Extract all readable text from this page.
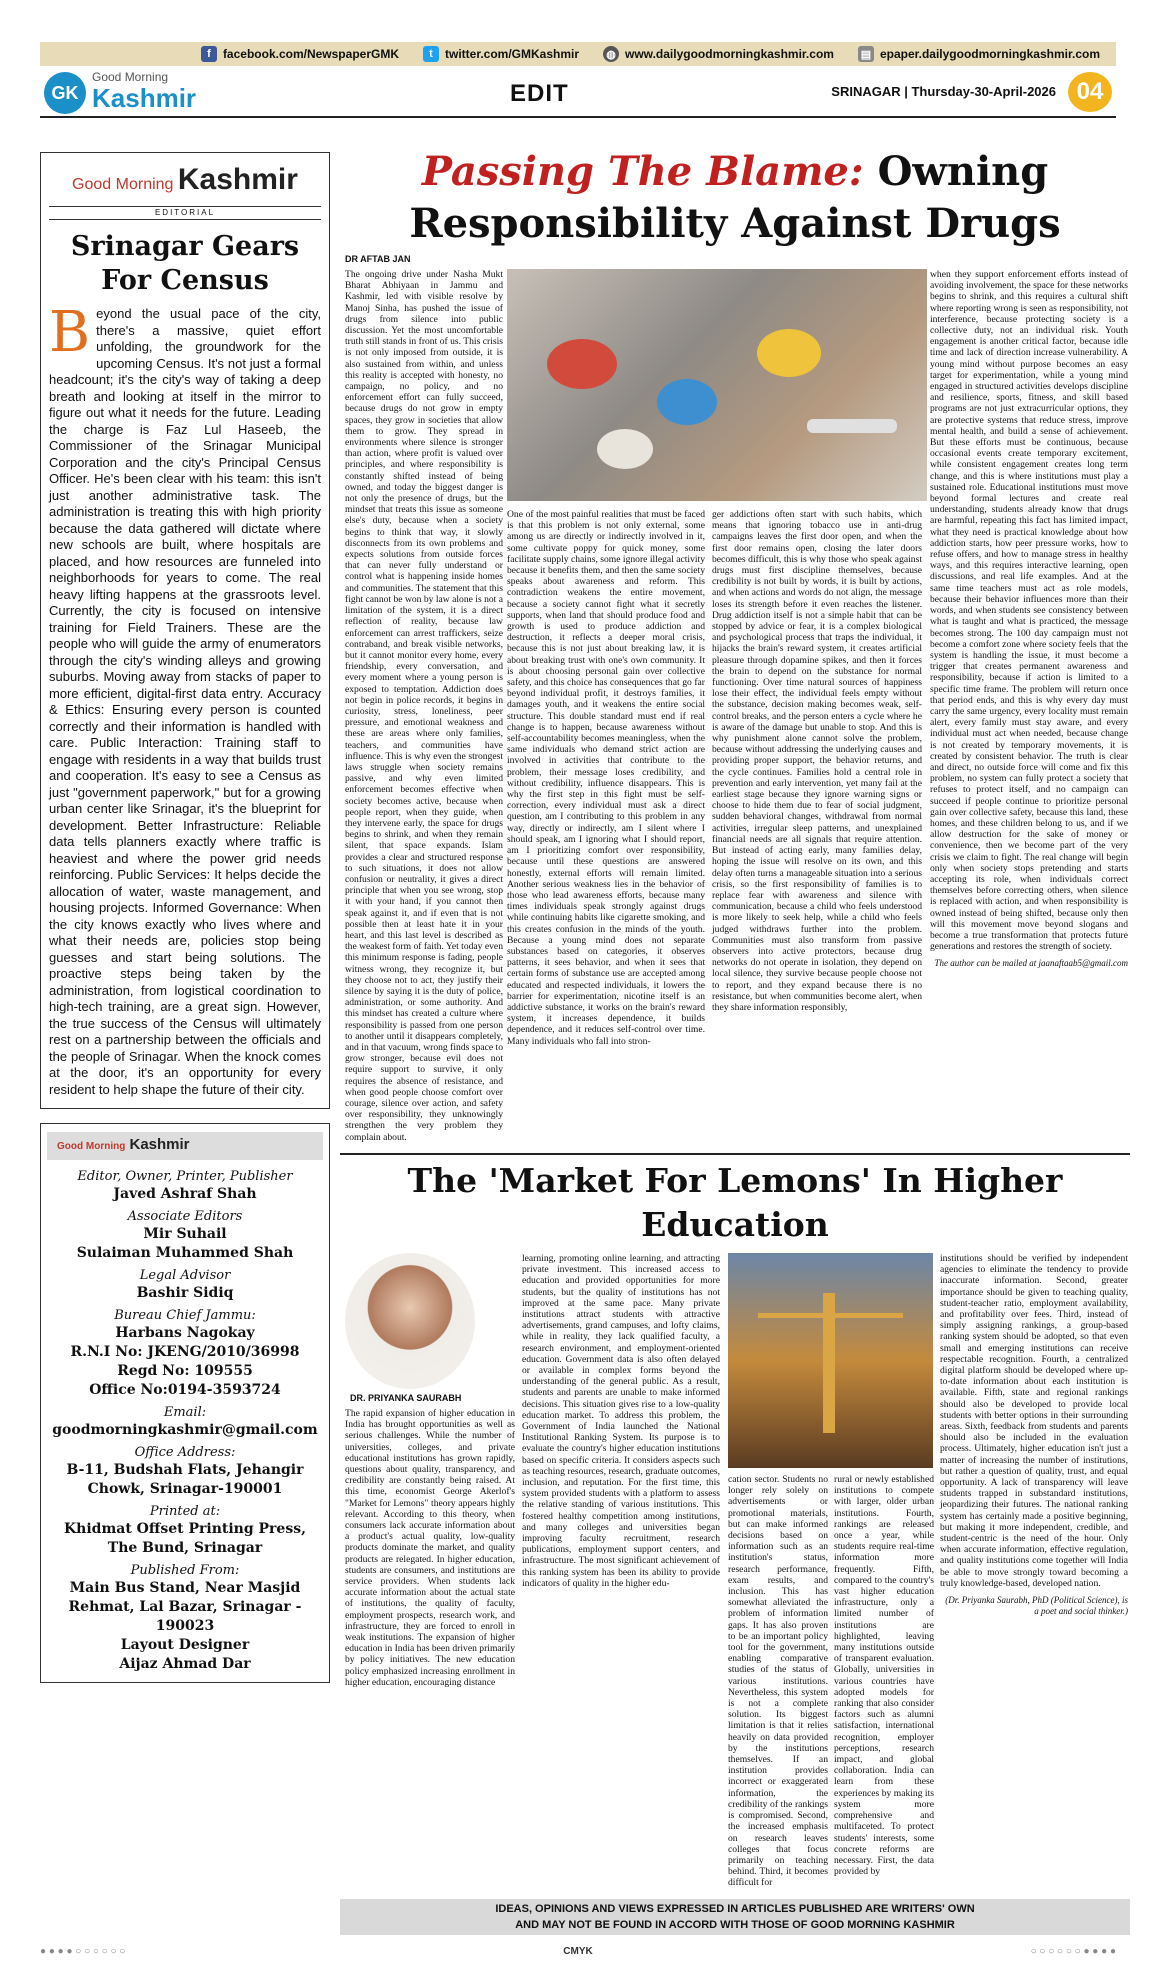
f	facebook.com/NewspaperGMK	t	twitter.com/GMKashmir ◍ www.dailygoodmorningkashmir.com ▤ epaper.dailygoodmorningkashmir.com
GK
Good Morning
Kashmir	EDIT	SRINAGAR | Thursday-30-April-2026 04
Good Morning Kashmir
EDITORIAL
Srinagar Gears For Census
Beyond the usual pace of the city, there's a massive, quiet effort unfolding, the groundwork for the upcoming Census. It's not just a formal headcount; it's the city's way of taking a deep breath and looking at itself in the mirror to figure out what it needs for the future. Leading the charge is Faz Lul Haseeb, the Commissioner of the Srinagar Municipal Corporation and the city's Principal Census Officer. He's been clear with his team: this isn't just another administrative task. The administration is treating this with high priority because the data gathered will dictate where new schools are built, where hospitals are placed, and how resources are funneled into neighborhoods for years to come. The real heavy lifting happens at the grassroots level. Currently, the city is focused on intensive training for Field Trainers. These are the people who will guide the army of enumerators through the city's winding alleys and growing suburbs. Moving away from stacks of paper to more efficient, digital-first data entry. Accuracy & Ethics: Ensuring every person is counted correctly and their information is handled with care. Public Interaction: Training staff to engage with residents in a way that builds trust and cooperation. It's easy to see a Census as just "government paperwork," but for a growing urban center like Srinagar, it's the blueprint for development. Better Infrastructure: Reliable data tells planners exactly where traffic is heaviest and where the power grid needs reinforcing. Public Services: It helps decide the allocation of water, waste management, and housing projects. Informed Governance: When the city knows exactly who lives where and what their needs are, policies stop being guesses and start being solutions. The proactive steps being taken by the administration, from logistical coordination to high-tech training, are a great sign. However, the true success of the Census will ultimately rest on a partnership between the officials and the people of Srinagar. When the knock comes at the door, it's an opportunity for every resident to help shape the future of their city.
Good Morning Kashmir
Editor, Owner, Printer, Publisher
Javed Ashraf Shah
Associate Editors
Mir Suhail
Sulaiman Muhammed Shah
Legal Advisor
Bashir Sidiq
Bureau Chief Jammu:
Harbans Nagokay
R.N.I No: JKENG/2010/36998
Regd No: 109555
Office No:0194-3593724
Email:
goodmorningkashmir@gmail.com
Office Address:
B-11, Budshah Flats, Jehangir Chowk, Srinagar-190001
Printed at:
Khidmat Offset Printing Press, The Bund, Srinagar
Published From:
Main Bus Stand, Near Masjid Rehmat, Lal Bazar, Srinagar - 190023
Layout Designer
Aijaz Ahmad Dar
Passing The Blame: Owning Responsibility Against Drugs
DR AFTAB JAN
The ongoing drive under Nasha Mukt Bharat Abhiyaan in Jammu and Kashmir, led with visible resolve by Manoj Sinha, has pushed the issue of drugs from silence into public discussion. Yet the most uncomfortable truth still stands in front of us. This crisis is not only imposed from outside, it is also sustained from within, and unless this reality is accepted with honesty, no campaign, no policy, and no enforcement effort can fully succeed, because drugs do not grow in empty spaces, they grow in societies that allow them to grow. They spread in environments where silence is stronger than action, where profit is valued over principles, and where responsibility is constantly shifted instead of being owned, and today the biggest danger is not only the presence of drugs, but the mindset that treats this issue as someone else's duty, because when a society begins to think that way, it slowly disconnects from its own problems and expects solutions from outside forces that can never fully understand or control what is happening inside homes and communities. The statement that this fight cannot be won by law alone is not a limitation of the system, it is a direct reflection of reality, because law enforcement can arrest traffickers, seize contraband, and break visible networks, but it cannot monitor every home, every friendship, every conversation, and every moment where a young person is exposed to temptation. Addiction does not begin in police records, it begins in curiosity, stress, loneliness, peer pressure, and emotional weakness and these are areas where only families, teachers, and communities have influence. This is why even the strongest laws struggle when society remains passive, and why even limited enforcement becomes effective when society becomes active, because when people report, when they guide, when they intervene early, the space for drugs begins to shrink, and when they remain silent, that space expands. Islam provides a clear and structured response to such situations, it does not allow confusion or neutrality, it gives a direct principle that when you see wrong, stop it with your hand, if you cannot then speak against it, and if even that is not possible then at least hate it in your heart, and this last level is described as the weakest form of faith. Yet today even this minimum response is fading, people witness wrong, they recognize it, but they choose not to act, they justify their silence by saying it is the duty of police, administration, or some authority. And this mindset has created a culture where responsibility is passed from one person to another until it disappears completely, and in that vacuum, wrong finds space to grow stronger, because evil does not require support to survive, it only requires the absence of resistance, and when good people choose comfort over courage, silence over action, and safety over responsibility, they unknowingly strengthen the very problem they complain about.
One of the most painful realities that must be faced is that this problem is not only external, some among us are directly or indirectly involved in it, some cultivate poppy for quick money, some facilitate supply chains, some ignore illegal activity because it benefits them, and then the same society speaks about awareness and reform. This contradiction weakens the entire movement, because a society cannot fight what it secretly supports, when land that should produce food and growth is used to produce addiction and destruction, it reflects a deeper moral crisis, because this is not just about breaking law, it is about breaking trust with one's own community. It is about choosing personal gain over collective safety, and this choice has consequences that go far beyond individual profit, it destroys families, it damages youth, and it weakens the entire social structure. This double standard must end if real change is to happen, because awareness without self-accountability becomes meaningless, when the same individuals who demand strict action are involved in activities that contribute to the problem, their message loses credibility, and without credibility, influence disappears. This is why the first step in this fight must be self-correction, every individual must ask a direct question, am I contributing to this problem in any way, directly or indirectly, am I silent where I should speak, am I ignoring what I should report, am I prioritizing comfort over responsibility, because until these questions are answered honestly, external efforts will remain limited. Another serious weakness lies in the behavior of those who lead awareness efforts, because many times individuals speak strongly against drugs while continuing habits like cigarette smoking, and this creates confusion in the minds of the youth. Because a young mind does not separate substances based on categories, it observes patterns, it sees behavior, and when it sees that certain forms of substance use are accepted among educated and respected individuals, it lowers the barrier for experimentation, nicotine itself is an addictive substance, it works on the brain's reward system, it increases dependence, it builds dependence, and it reduces self-control over time. Many individuals who fall into stron-
ger addictions often start with such habits, which means that ignoring tobacco use in anti-drug campaigns leaves the first door open, and when the first door remains open, closing the later doors becomes difficult, this is why those who speak against drugs must first discipline themselves, because credibility is not built by words, it is built by actions, and when actions and words do not align, the message loses its strength before it even reaches the listener. Drug addiction itself is not a simple habit that can be stopped by advice or fear, it is a complex biological and psychological process that traps the individual, it hijacks the brain's reward system, it creates artificial pleasure through dopamine spikes, and then it forces the brain to depend on the substance for normal functioning. Over time natural sources of happiness lose their effect, the individual feels empty without the substance, decision making becomes weak, self-control breaks, and the person enters a cycle where he is aware of the damage but unable to stop. And this is why punishment alone cannot solve the problem, because without addressing the underlying causes and providing proper support, the behavior returns, and the cycle continues. Families hold a central role in prevention and early intervention, yet many fail at the earliest stage because they ignore warning signs or choose to hide them due to fear of social judgment, sudden behavioral changes, withdrawal from normal activities, irregular sleep patterns, and unexplained financial needs are all signals that require attention. But instead of acting early, many families delay, hoping the issue will resolve on its own, and this delay often turns a manageable situation into a serious crisis, so the first responsibility of families is to replace fear with awareness and silence with communication, because a child who feels understood is more likely to seek help, while a child who feels judged withdraws further into the problem. Communities must also transform from passive observers into active protectors, because drug networks do not operate in isolation, they depend on local silence, they survive because people choose not to report, and they expand because there is no resistance, but when communities become alert, when they share information responsibly,
when they support enforcement efforts instead of avoiding involvement, the space for these networks begins to shrink, and this requires a cultural shift where reporting wrong is seen as responsibility, not interference, because protecting society is a collective duty, not an individual risk. Youth engagement is another critical factor, because idle time and lack of direction increase vulnerability. A young mind without purpose becomes an easy target for experimentation, while a young mind engaged in structured activities develops discipline and resilience, sports, fitness, and skill based programs are not just extracurricular options, they are protective systems that reduce stress, improve mental health, and build a sense of achievement. But these efforts must be continuous, because occasional events create temporary excitement, while consistent engagement creates long term change, and this is where institutions must play a sustained role. Educational institutions must move beyond formal lectures and create real understanding, students already know that drugs are harmful, repeating this fact has limited impact, what they need is practical knowledge about how addiction starts, how peer pressure works, how to refuse offers, and how to manage stress in healthy ways, and this requires interactive learning, open discussions, and real life examples. And at the same time teachers must act as role models, because their behavior influences more than their words, and when students see consistency between what is taught and what is practiced, the message becomes strong. The 100 day campaign must not become a comfort zone where society feels that the system is handling the issue, it must become a trigger that creates permanent awareness and responsibility, because if action is limited to a specific time frame. The problem will return once that period ends, and this is why every day must carry the same urgency, every locality must remain alert, every family must stay aware, and every individual must act when needed, because change is not created by temporary movements, it is created by consistent behavior. The truth is clear and direct, no outside force will come and fix this problem, no system can fully protect a society that refuses to protect itself, and no campaign can succeed if people continue to prioritize personal gain over collective safety, because this land, these homes, and these children belong to us, and if we allow destruction for the sake of money or convenience, then we become part of the very crisis we claim to fight. The real change will begin only when society stops pretending and starts accepting its role, when individuals correct themselves before correcting others, when silence is replaced with action, and when responsibility is owned instead of being shifted, because only then will this movement move beyond slogans and become a true transformation that protects future generations and restores the strength of society.
The author can be mailed at jaanaftaab5@gmail.com
The 'Market For Lemons' In Higher Education
DR. PRIYANKA SAURABH
The rapid expansion of higher education in India has brought opportunities as well as serious challenges. While the number of universities, colleges, and private educational institutions has grown rapidly, questions about quality, transparency, and credibility are constantly being raised. At this time, economist George Akerlof's "Market for Lemons" theory appears highly relevant. According to this theory, when consumers lack accurate information about a product's actual quality, low-quality products dominate the market, and quality products are relegated. In higher education, students are consumers, and institutions are service providers. When students lack accurate information about the actual state of institutions, the quality of faculty, employment prospects, research work, and infrastructure, they are forced to enroll in weak institutions. The expansion of higher education in India has been driven primarily by policy initiatives. The new education policy emphasized increasing enrollment in higher education, encouraging distance
learning, promoting online learning, and attracting private investment. This increased access to education and provided opportunities for more students, but the quality of institutions has not improved at the same pace. Many private institutions attract students with attractive advertisements, grand campuses, and lofty claims, while in reality, they lack qualified faculty, a research environment, and employment-oriented education. Government data is also often delayed or available in complex forms beyond the understanding of the general public. As a result, students and parents are unable to make informed decisions. This situation gives rise to a low-quality education market. To address this problem, the Government of India launched the National Institutional Ranking System. Its purpose is to evaluate the country's higher education institutions based on specific criteria. It considers aspects such as teaching resources, research, graduate outcomes, inclusion, and reputation. For the first time, this system provided students with a platform to assess the relative standing of various institutions. This fostered healthy competition among institutions, and many colleges and universities began improving faculty recruitment, research publications, employment support centers, and infrastructure. The most significant achievement of this ranking system has been its ability to provide indicators of quality in the higher edu-
cation sector. Students no longer rely solely on advertisements or promotional materials, but can make informed decisions based on information such as an institution's status, research performance, exam results, and inclusion. This has somewhat alleviated the problem of information gaps. It has also proven to be an important policy tool for the government, enabling comparative studies of the status of various institutions. Nevertheless, this system is not a complete solution. Its biggest limitation is that it relies heavily on data provided by the institutions themselves. If an institution provides incorrect or exaggerated information, the credibility of the rankings is compromised. Second, the increased emphasis on research leaves colleges that focus primarily on teaching behind. Third, it becomes difficult for
rural or newly established institutions to compete with larger, older urban institutions. Fourth, rankings are released once a year, while students require real-time information more frequently. Fifth, compared to the country's vast higher education infrastructure, only a limited number of institutions are highlighted, leaving many institutions outside of transparent evaluation. Globally, universities in various countries have adopted models for ranking that also consider factors such as alumni satisfaction, international recognition, employer perceptions, research impact, and global collaboration. India can learn from these experiences by making its system more comprehensive and multifaceted. To protect students' interests, some concrete reforms are necessary. First, the data provided by
institutions should be verified by independent agencies to eliminate the tendency to provide inaccurate information. Second, greater importance should be given to teaching quality, student-teacher ratio, employment availability, and profitability over fees. Third, instead of simply assigning rankings, a group-based ranking system should be adopted, so that even small and emerging institutions can receive respectable recognition. Fourth, a centralized digital platform should be developed where up-to-date information about each institution is available. Fifth, state and regional rankings should also be developed to provide local students with better options in their surrounding areas. Sixth, feedback from students and parents should also be included in the evaluation process. Ultimately, higher education isn't just a matter of increasing the number of institutions, but rather a question of quality, trust, and equal opportunity. A lack of transparency will leave students trapped in substandard institutions, jeopardizing their futures. The national ranking system has certainly made a positive beginning, but making it more independent, credible, and student-centric is the need of the hour. Only when accurate information, effective regulation, and quality institutions come together will India be able to move strongly toward becoming a truly knowledge-based, developed nation.
(Dr. Priyanka Saurabh, PhD (Political Science), is a poet and social thinker.)
IDEAS, OPINIONS AND VIEWS EXPRESSED IN ARTICLES PUBLISHED ARE WRITERS' OWN
AND MAY NOT BE FOUND IN ACCORD WITH THOSE OF GOOD MORNING KASHMIR
● ● ● ● ○ ○ ○ ○ ○ ○	CMYK	○ ○ ○ ○ ○ ○ ● ● ● ●
